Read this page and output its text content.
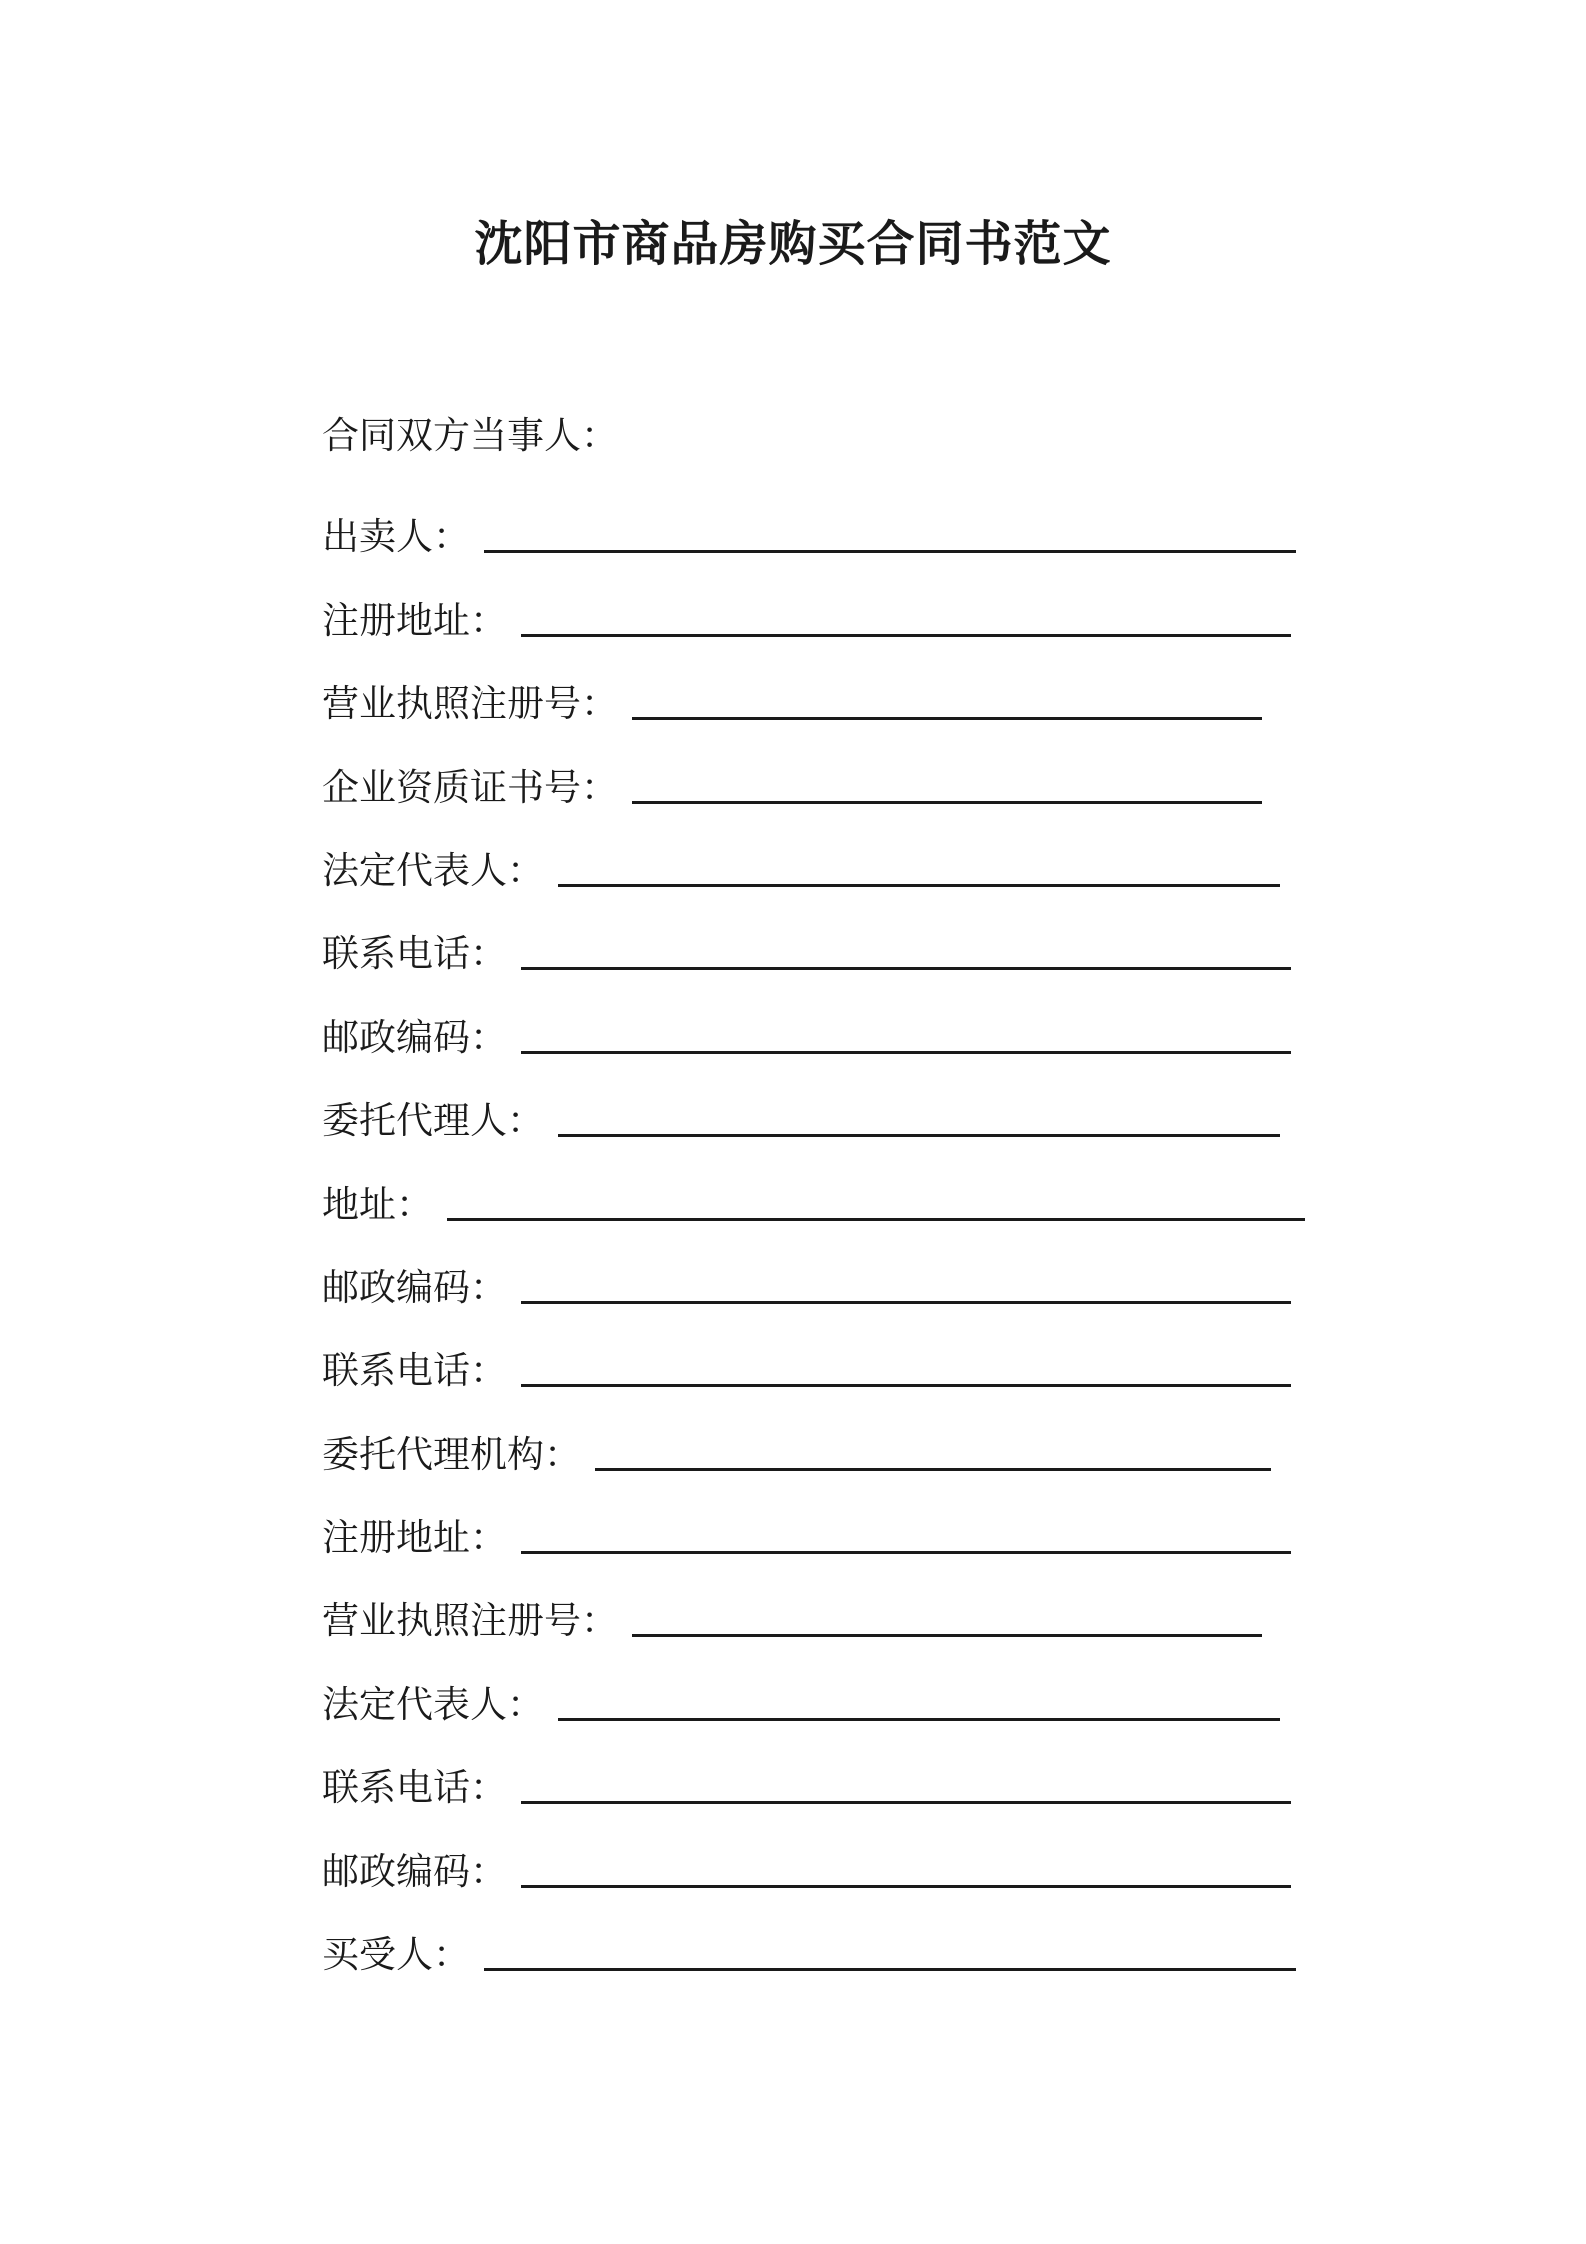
沈阳市商品房购买合同书范文

合同双方当事人：

出卖人：
注册地址：
营业执照注册号：
企业资质证书号：
法定代表人：
联系电话：
邮政编码：
委托代理人：
地址：
邮政编码：
联系电话：
委托代理机构：
注册地址：
营业执照注册号：
法定代表人：
联系电话：
邮政编码：
买受人：
